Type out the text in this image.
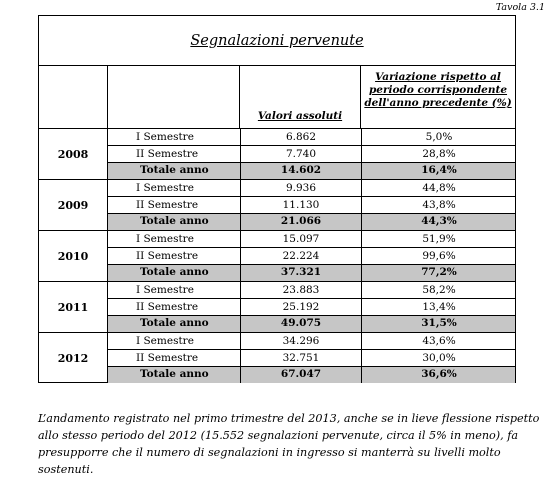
Tavola 3.1
Segnalazioni pervenute
Valori assoluti
Variazione rispetto al
periodo corrispondente
dell'anno precedente (%)
2008
I Semestre	6.862	5,0%
II Semestre	7.740	28,8%
Totale anno	14.602	16,4%
2009
I Semestre	9.936	44,8%
II Semestre	11.130	43,8%
Totale anno	21.066	44,3%
2010
I Semestre	15.097	51,9%
II Semestre	22.224	99,6%
Totale anno	37.321	77,2%
2011
I Semestre	23.883	58,2%
II Semestre	25.192	13,4%
Totale anno	49.075	31,5%
2012
I Semestre	34.296	43,6%
II Semestre	32.751	30,0%
Totale anno	67.047	36,6%

L’andamento registrato nel primo trimestre del 2013, anche se in lieve flessione rispetto allo stesso periodo del 2012 (15.552 segnalazioni pervenute, circa il 5% in meno), fa presupporre che il numero di segnalazioni in ingresso si manterrà su livelli molto sostenuti.
